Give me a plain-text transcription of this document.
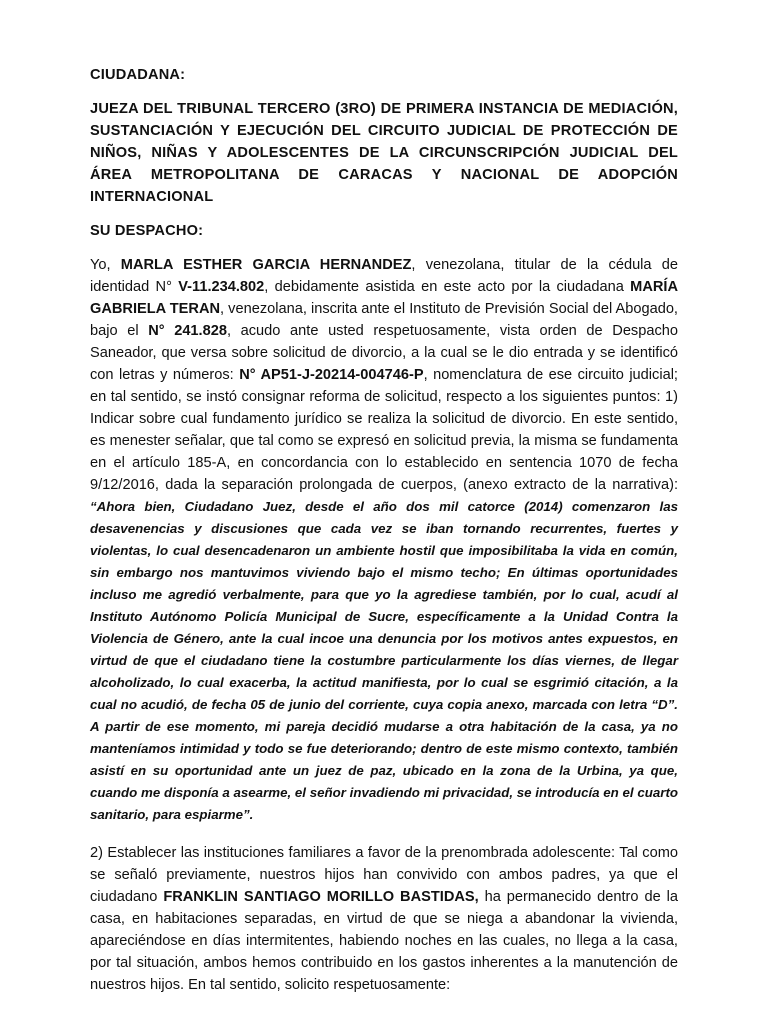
CIUDADANA:

JUEZA DEL TRIBUNAL TERCERO (3RO) DE PRIMERA INSTANCIA DE MEDIACIÓN, SUSTANCIACIÓN Y EJECUCIÓN DEL CIRCUITO JUDICIAL DE PROTECCIÓN DE NIÑOS, NIÑAS Y ADOLESCENTES DE LA CIRCUNSCRIPCIÓN JUDICIAL DEL ÁREA METROPOLITANA DE CARACAS Y NACIONAL DE ADOPCIÓN INTERNACIONAL

SU DESPACHO:

Yo, MARLA ESTHER GARCIA HERNANDEZ, venezolana, titular de la cédula de identidad N° V-11.234.802, debidamente asistida en este acto por la ciudadana MARÍA GABRIELA TERAN, venezolana, inscrita ante el Instituto de Previsión Social del Abogado, bajo el N° 241.828, acudo ante usted respetuosamente, vista orden de Despacho Saneador, que versa sobre solicitud de divorcio, a la cual se le dio entrada y se identificó con letras y números: N° AP51-J-20214-004746-P, nomenclatura de ese circuito judicial; en tal sentido, se instó consignar reforma de solicitud, respecto a los siguientes puntos: 1) Indicar sobre cual fundamento jurídico se realiza la solicitud de divorcio. En este sentido, es menester señalar, que tal como se expresó en solicitud previa, la misma se fundamenta en el artículo 185-A, en concordancia con lo establecido en sentencia 1070 de fecha 9/12/2016, dada la separación prolongada de cuerpos, (anexo extracto de la narrativa): “Ahora bien, Ciudadano Juez, desde el año dos mil catorce (2014) comenzaron las desavenencias y discusiones que cada vez se iban tornando recurrentes, fuertes y violentas, lo cual desencadenaron un ambiente hostil que imposibilitaba la vida en común, sin embargo nos mantuvimos viviendo bajo el mismo techo; En últimas oportunidades incluso me agredió verbalmente, para que yo la agrediese también, por lo cual, acudí al Instituto Autónomo Policía Municipal de Sucre, específicamente a la Unidad Contra la Violencia de Género, ante la cual incoe una denuncia por los motivos antes expuestos, en virtud de que el ciudadano tiene la costumbre particularmente los días viernes, de llegar alcoholizado, lo cual exacerba, la actitud manifiesta, por lo cual se esgrimió citación, a la cual no acudió, de fecha 05 de junio del corriente, cuya copia anexo, marcada con letra “D”. A partir de ese momento, mi pareja decidió mudarse a otra habitación de la casa, ya no manteníamos intimidad y todo se fue deteriorando; dentro de este mismo contexto, también asistí en su oportunidad ante un juez de paz, ubicado en la zona de la Urbina, ya que, cuando me disponía a asearme, el señor invadiendo mi privacidad, se introducía en el cuarto sanitario, para espiarme”.

2) Establecer las instituciones familiares a favor de la prenombrada adolescente: Tal como se señaló previamente, nuestros hijos han convivido con ambos padres, ya que el ciudadano FRANKLIN SANTIAGO MORILLO BASTIDAS, ha permanecido dentro de la casa, en habitaciones separadas, en virtud de que se niega a abandonar la vivienda, apareciéndose en días intermitentes, habiendo noches en las cuales, no llega a la casa, por tal situación, ambos hemos contribuido en los gastos inherentes a la manutención de nuestros hijos. En tal sentido, solicito respetuosamente:
